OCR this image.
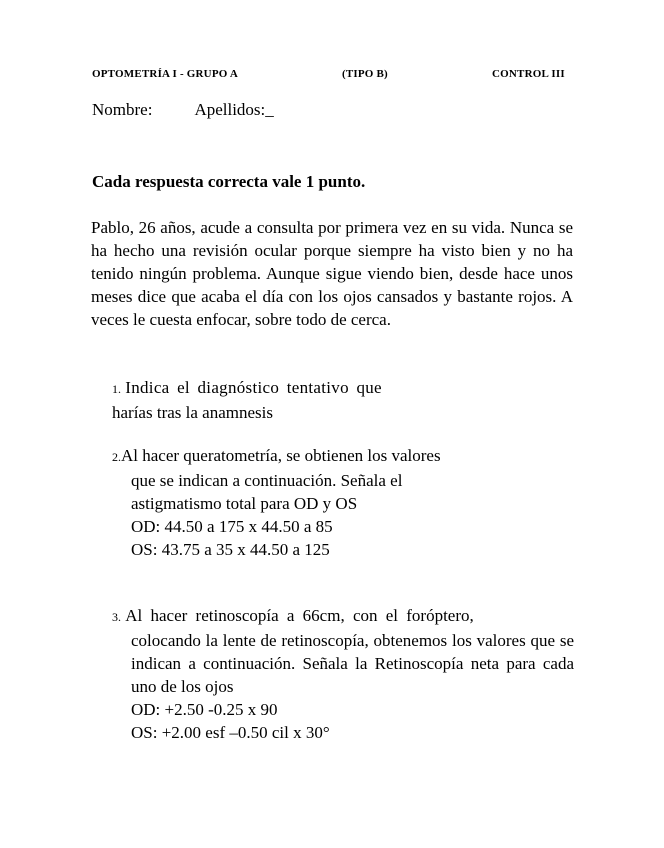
OPTOMETRÍA I - GRUPO A	(TIPO B)	CONTROL III
Nombre: Apellidos:_
Cada respuesta correcta vale 1 punto.

Pablo, 26 años, acude a consulta por primera vez en su vida. Nunca se ha hecho una revisión ocular porque siempre ha visto bien y no ha tenido ningún problema. Aunque sigue viendo bien, desde hace unos meses dice que acaba el día con los ojos cansados y bastante rojos. A veces le cuesta enfocar, sobre todo de cerca.

1. Indica el diagnóstico tentativo que
harías tras la anamnesis
2.Al hacer queratometría, se obtienen los valores
que se indican a continuación. Señala el
astigmatismo total para OD y OS
OD: 44.50 a 175 x 44.50 a 85
OS: 43.75 a 35 x 44.50 a 125
3. Al hacer retinoscopía a 66cm, con el foróptero,
colocando la lente de retinoscopía, obtenemos los valores que se indican a continuación. Señala la Retinoscopía neta para cada uno de los ojos
OD: +2.50 -0.25 x 90
OS: +2.00 esf –0.50 cil x 30°
